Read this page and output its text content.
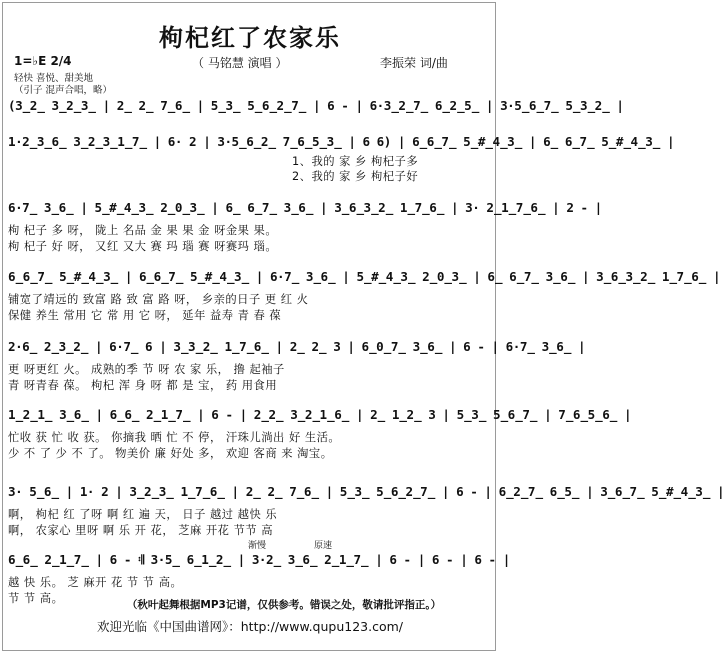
枸杞红了农家乐
（ 马铭慧 演唱 ）
1=♭E 2/4	李振荣 词/曲
轻快 喜悦、甜美地
（引子 混声合唱，略）
(3̲2̲ 3̲2̲3̲ | 2̲ 2̲ 7̲6̲ | 5̲3̲ 5̲6̲2̲7̲ | 6 - | 6·3̲2̲7̲ 6̲2̲5̲ | 3·5̲6̲7̲ 5̲3̲2̲ |
1·2̲3̲6̲ 3̲2̲3̲1̲7̲ | 6· 2 | 3·5̲6̲2̲ 7̲6̲5̲3̲ | 6 6) | 6̲6̲7̲ 5̲#̲4̲3̲ | 6̲ 6̲7̲ 5̲#̲4̲3̲ |
1、我的 家 乡 枸杞子多
2、我的 家 乡 枸杞子好
6·7̲ 3̲6̲ | 5̲#̲4̲3̲ 2̲0̲3̲ | 6̲ 6̲7̲ 3̲6̲ | 3̲6̲3̲2̲ 1̲7̲6̲ | 3· 2̲1̲7̲6̲ | 2 - |
枸 杞子 多 呀， 陇上 名品 金 果 果 金 呀金果 果。
枸 杞子 好 呀， 又红 又大 赛 玛 瑙 赛 呀赛玛 瑙。
6̲6̲7̲ 5̲#̲4̲3̲ | 6̲6̲7̲ 5̲#̲4̲3̲ | 6·7̲ 3̲6̲ | 5̲#̲4̲3̲ 2̲0̲3̲ | 6̲ 6̲7̲ 3̲6̲ | 3̲6̲3̲2̲ 1̲7̲6̲ |
铺宽了靖远的 致富 路 致 富 路 呀， 乡亲的日子 更 红 火
保健 养生 常用 它 常 用 它 呀， 延年 益寿 青 春 葆
2·6̲ 2̲3̲2̲ | 6·7̲ 6 | 3̲3̲2̲ 1̲7̲6̲ | 2̲ 2̲ 3 | 6̲0̲7̲ 3̲6̲ | 6 - | 6·7̲ 3̲6̲ |
更 呀更红 火。 成熟的季 节 呀 农 家 乐， 撸 起袖子
青 呀青春 葆。 枸杞 浑 身 呀 都 是 宝， 药 用食用
1̲2̲1̲ 3̲6̲ | 6̲6̲ 2̲1̲7̲ | 6 - | 2̲2̲ 3̲2̲1̲6̲ | 2̲ 1̲2̲ 3 | 5̲3̲ 5̲6̲7̲ | 7̲6̲5̲6̲ |
忙收 获 忙 收 获。 你摘我 晒 忙 不 停， 汗珠儿淌出 好 生活。
少 不 了 少 不 了。 物美价 廉 好处 多， 欢迎 客商 来 淘宝。
3· 5̲6̲ | 1· 2 | 3̲2̲3̲ 1̲7̲6̲ | 2̲ 2̲ 7̲6̲ | 5̲3̲ 5̲6̲2̲7̲ | 6 - | 6̲2̲7̲ 6̲5̲ | 3̲6̲7̲ 5̲#̲4̲3̲ |
啊， 枸杞 红 了呀 啊 红 遍 天， 日子 越过 越快 乐
啊， 农家心 里呀 啊 乐 开 花， 芝麻 开花 节节 高
渐慢	原速
6̲6̲ 2̲1̲7̲ | 6 - 𝄇 3·5̲ 6̲1̲2̲ | 3·2̲ 3̲6̲ 2̲1̲7̲ | 6 - | 6 - | 6 - |
越 快 乐。 芝 麻开 花 节 节 高。
节 节 高。	（秋叶起舞根据MP3记谱，仅供参考。错误之处，敬请批评指正。）
欢迎光临《中国曲谱网》：http://www.qupu123.com/
